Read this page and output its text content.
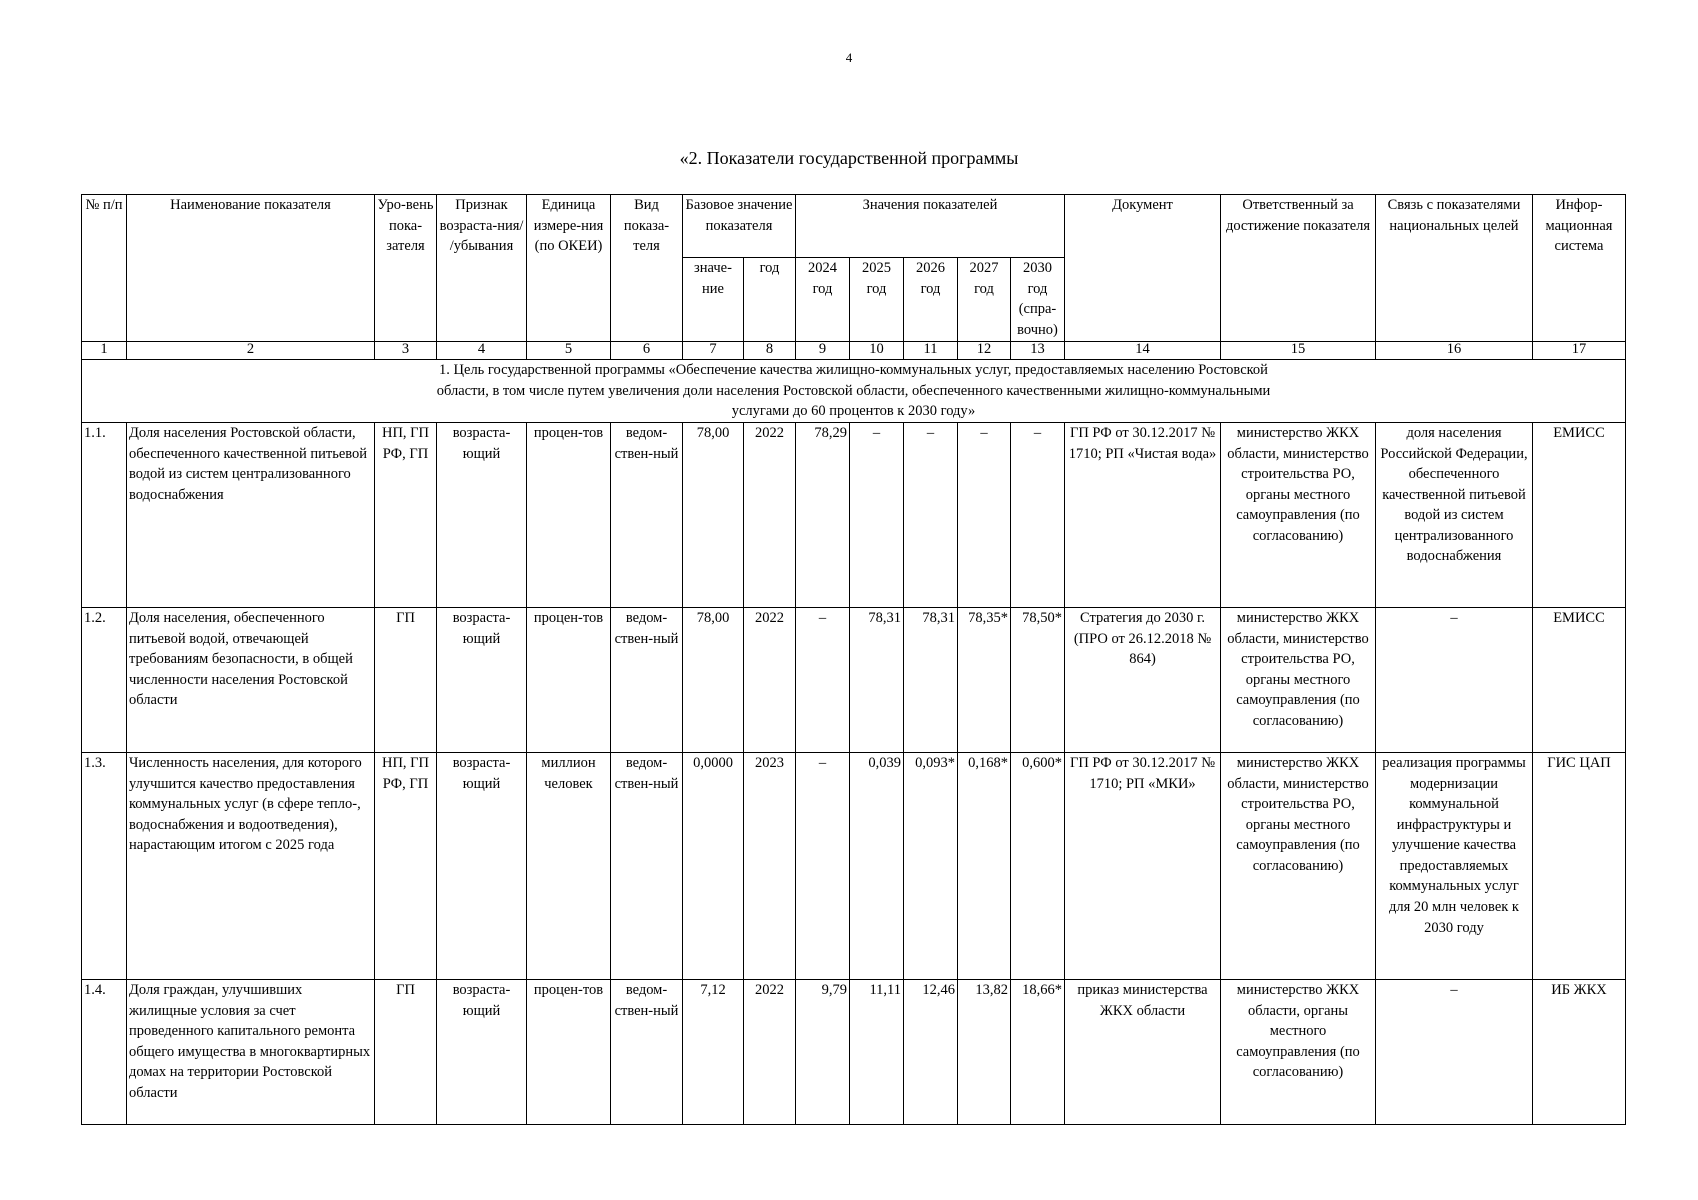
4
«2. Показатели государственной программы
№ п/п	Наименование показателя	Уро-вень пока-зателя	Признак возраста-ния/ /убывания	Единица измере-ния (по ОКЕИ)	Вид показа-теля	Базовое значение показателя		Значения показателей					Документ	Ответственный за достижение показателя	Связь с показателями национальных целей	Инфор-мационная система
						значе-ние	год	2024 год	2025 год	2026 год	2027 год	2030 год (спра-вочно)				
1	2	3	4	5	6	7	8	9	10	11	12	13	14	15	16	17
1. Цель государственной программы «Обеспечение качества жилищно-коммунальных услуг, предоставляемых населению Ростовской области, в том числе путем увеличения доли населения Ростовской области, обеспеченного качественными жилищно-коммунальными услугами до 60 процентов к 2030 году»																
1.1.	Доля населения Ростовской области, обеспеченного качественной питьевой водой из систем централизованного водоснабжения	НП, ГП РФ, ГП	возраста-ющий	процен-тов	ведом-ствен-ный	78,00	2022	78,29	–	–	–	–	ГП РФ от 30.12.2017 № 1710; РП «Чистая вода»	министерство ЖКХ области, министерство строительства РО, органы местного самоуправления (по согласованию)	доля населения Российской Федерации, обеспеченного качественной питьевой водой из систем централизованного водоснабжения	ЕМИСС
1.2.	Доля населения, обеспеченного питьевой водой, отвечающей требованиям безопасности, в общей численности населения Ростовской области	ГП	возраста-ющий	процен-тов	ведом-ствен-ный	78,00	2022	–	78,31	78,31	78,35*	78,50*	Стратегия до 2030 г. (ПРО от 26.12.2018 № 864)	министерство ЖКХ области, министерство строительства РО, органы местного самоуправления (по согласованию)	–	ЕМИСС
1.3.	Численность населения, для которого улучшится качество предоставления коммунальных услуг (в сфере тепло-, водоснабжения и водоотведения), нарастающим итогом с 2025 года	НП, ГП РФ, ГП	возраста-ющий	миллион человек	ведом-ствен-ный	0,0000	2023	–	0,039	0,093*	0,168*	0,600*	ГП РФ от 30.12.2017 № 1710; РП «МКИ»	министерство ЖКХ области, министерство строительства РО, органы местного самоуправления (по согласованию)	реализация программы модернизации коммунальной инфраструктуры и улучшение качества предоставляемых коммунальных услуг для 20 млн человек к 2030 году	ГИС ЦАП
1.4.	Доля граждан, улучшивших жилищные условия за счет проведенного капитального ремонта общего имущества в многоквартирных домах на территории Ростовской области	ГП	возраста-ющий	процен-тов	ведом-ствен-ный	7,12	2022	9,79	11,11	12,46	13,82	18,66*	приказ министерства ЖКХ области	министерство ЖКХ области, органы местного самоуправления (по согласованию)	–	ИБ ЖКХ
